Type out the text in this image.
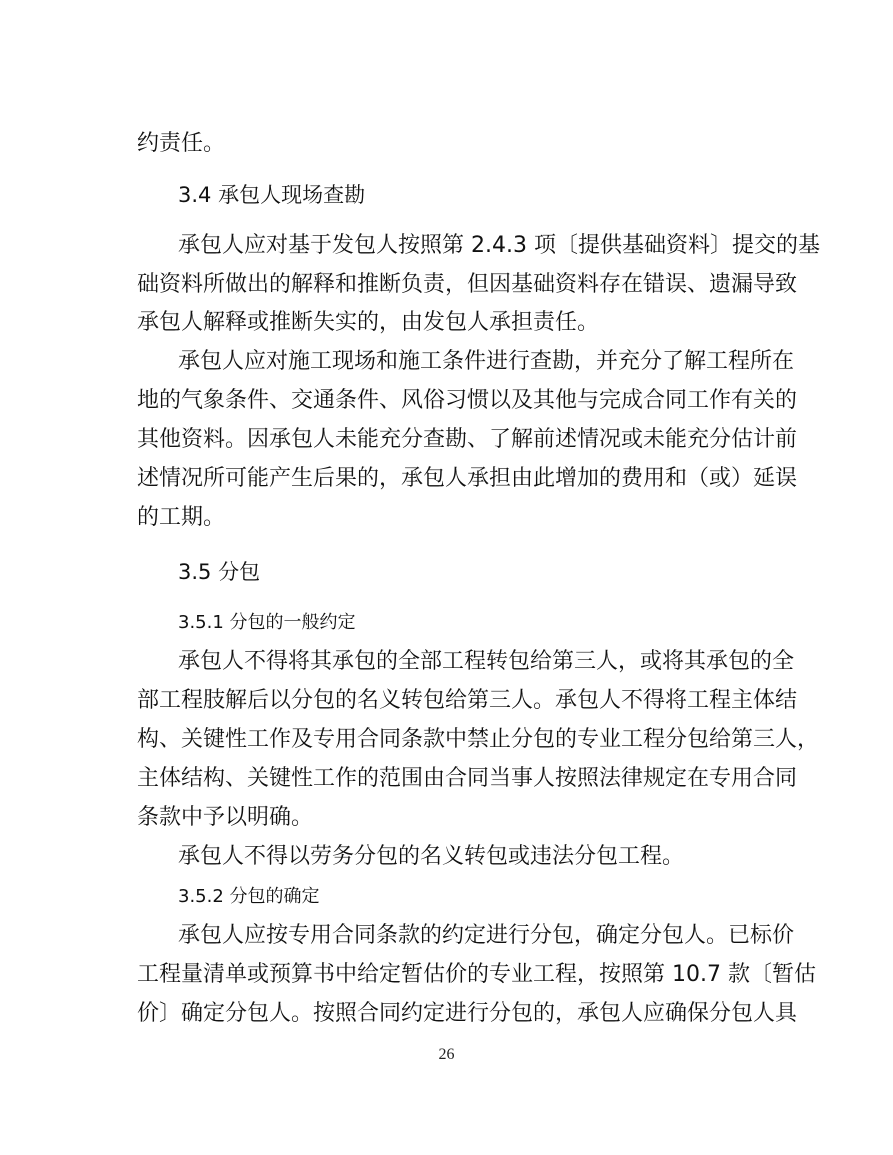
约责任。
3.4 承包人现场查勘
承包人应对基于发包人按照第 2.4.3 项〔提供基础资料〕提交的基
础资料所做出的解释和推断负责，但因基础资料存在错误、遗漏导致
承包人解释或推断失实的，由发包人承担责任。
承包人应对施工现场和施工条件进行查勘，并充分了解工程所在
地的气象条件、交通条件、风俗习惯以及其他与完成合同工作有关的
其他资料。因承包人未能充分查勘、了解前述情况或未能充分估计前
述情况所可能产生后果的，承包人承担由此增加的费用和（或）延误
的工期。
3.5 分包
3.5.1 分包的一般约定
承包人不得将其承包的全部工程转包给第三人，或将其承包的全
部工程肢解后以分包的名义转包给第三人。承包人不得将工程主体结
构、关键性工作及专用合同条款中禁止分包的专业工程分包给第三人，
主体结构、关键性工作的范围由合同当事人按照法律规定在专用合同
条款中予以明确。
承包人不得以劳务分包的名义转包或违法分包工程。
3.5.2 分包的确定
承包人应按专用合同条款的约定进行分包，确定分包人。已标价
工程量清单或预算书中给定暂估价的专业工程，按照第 10.7 款〔暂估
价〕确定分包人。按照合同约定进行分包的，承包人应确保分包人具
26
